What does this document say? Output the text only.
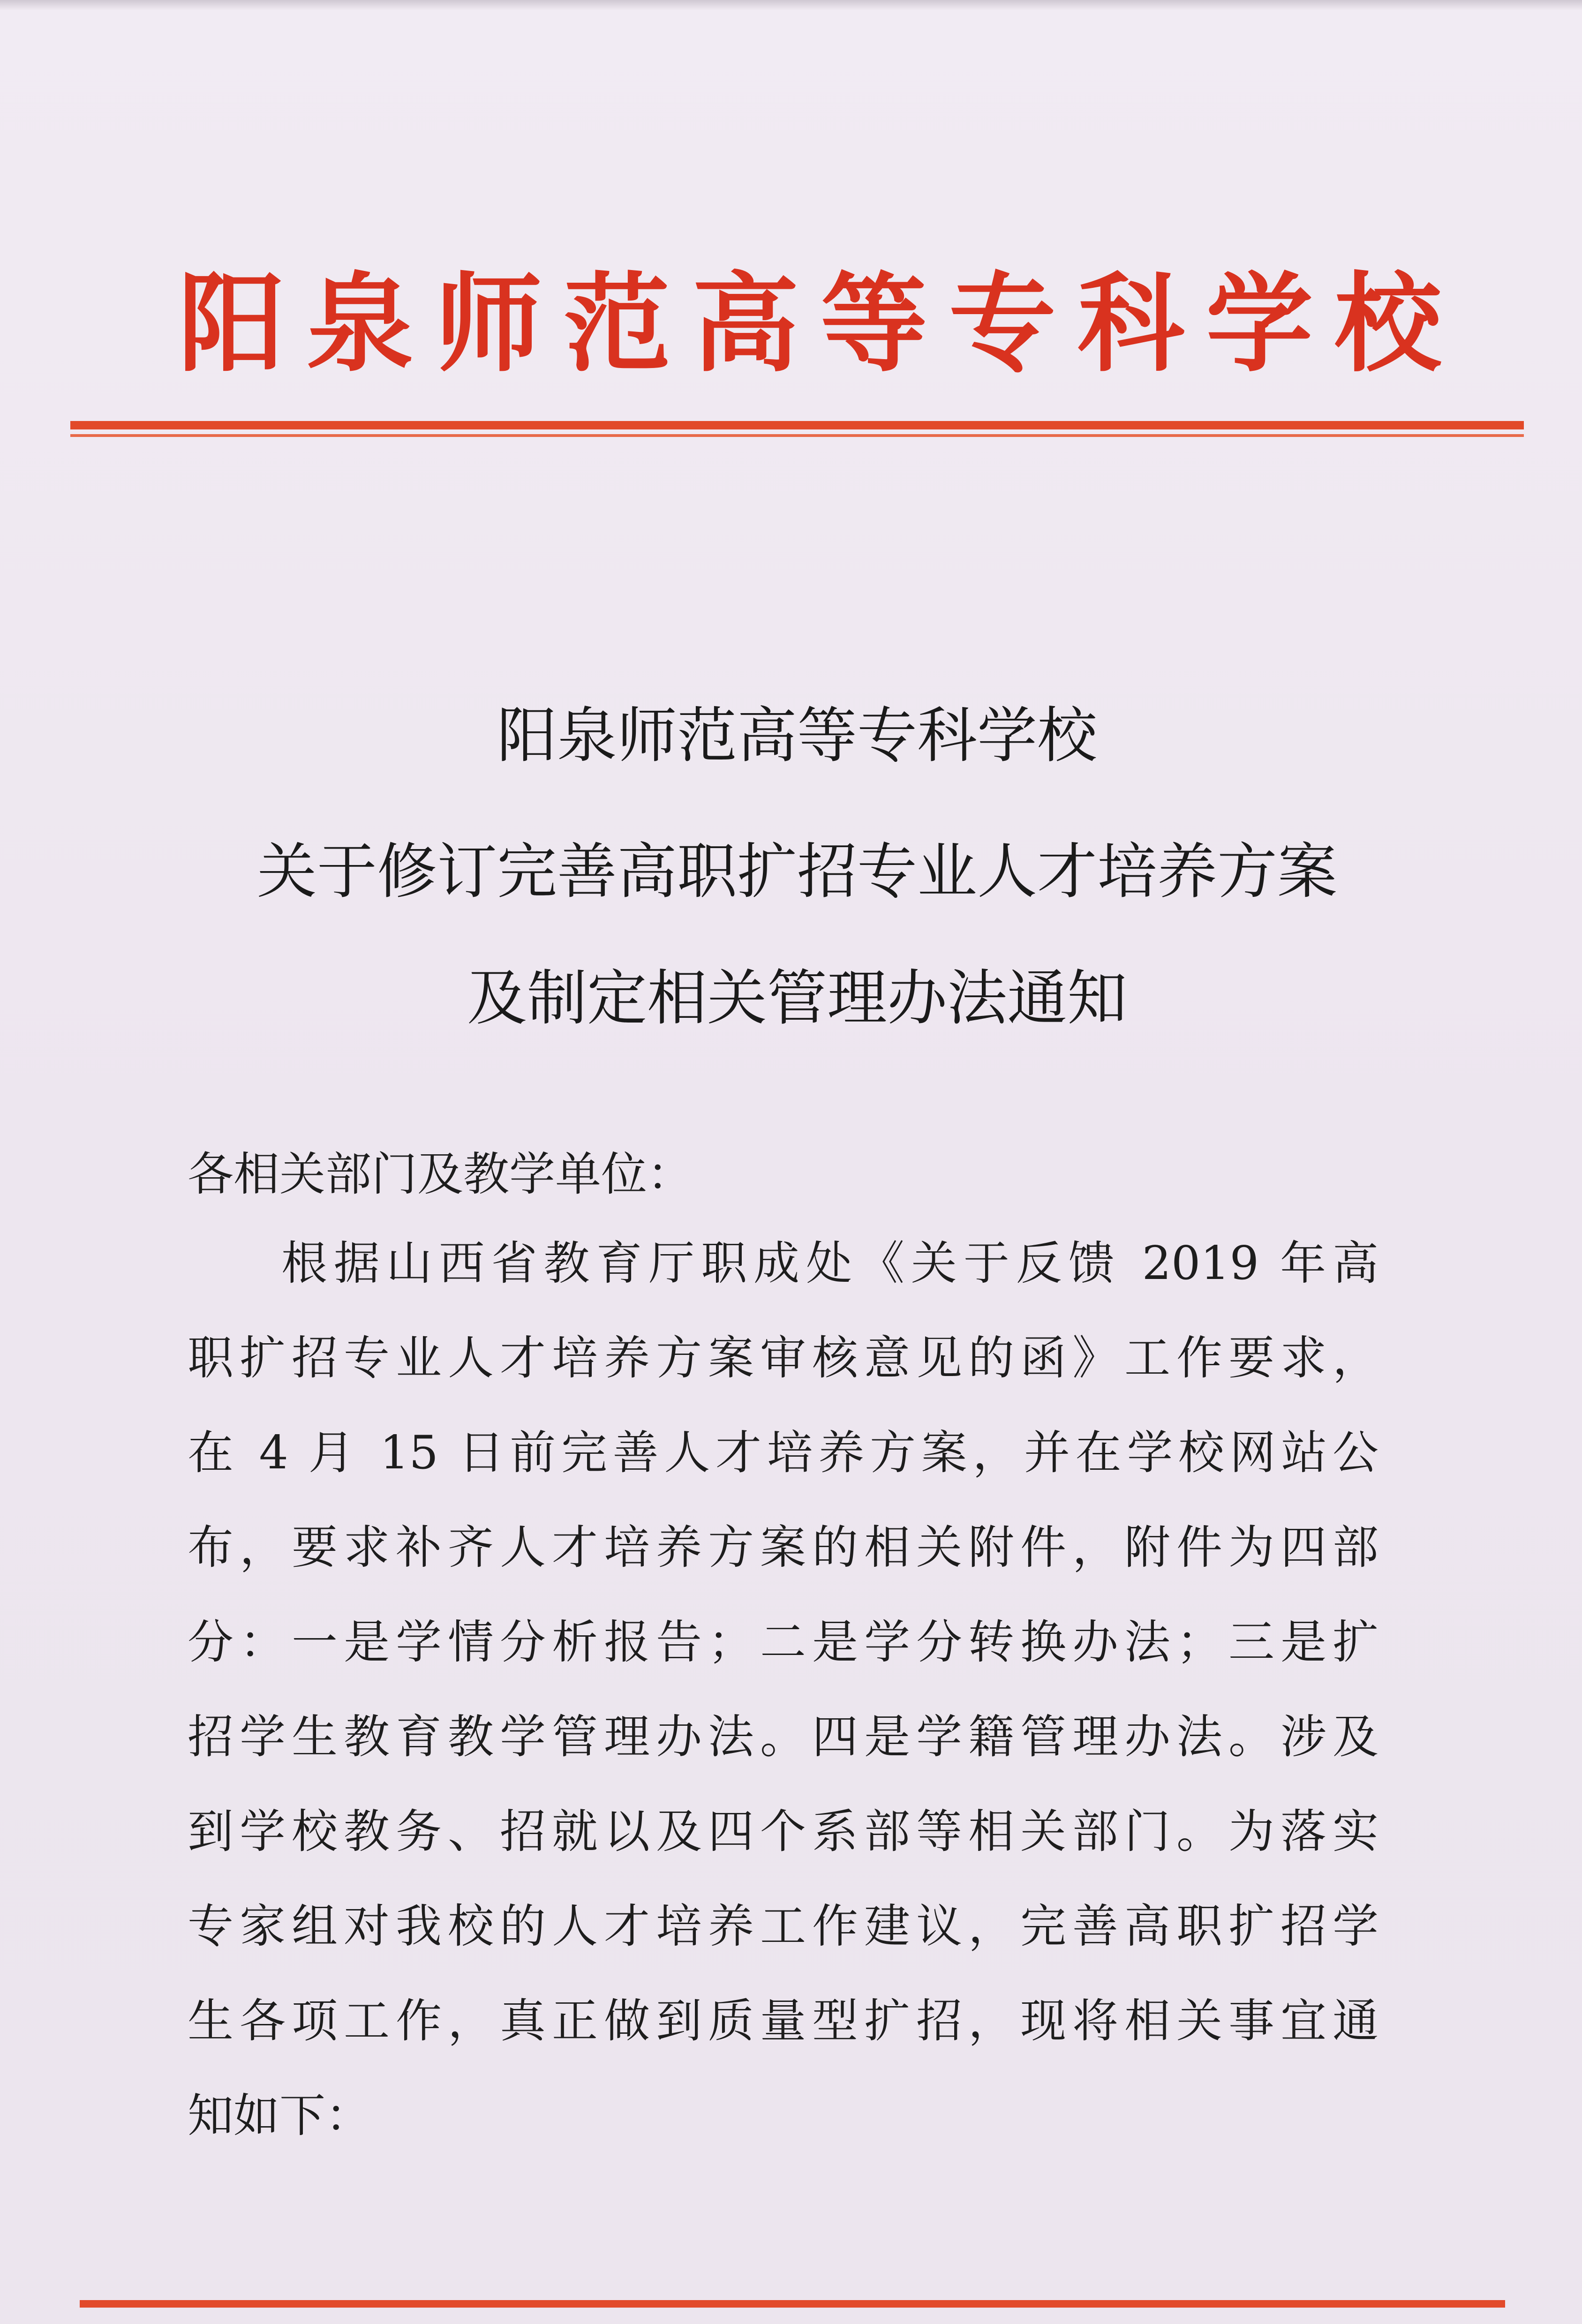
阳泉师范高等专科学校
阳泉师范高等专科学校
关于修订完善高职扩招专业人才培养方案
及制定相关管理办法通知
各相关部门及教学单位：
根据山西省教育厅职成处《关于反馈 2019 年高
职扩招专业人才培养方案审核意见的函》工作要求，
在 4 月 15 日前完善人才培养方案，并在学校网站公
布，要求补齐人才培养方案的相关附件，附件为四部
分：一是学情分析报告；二是学分转换办法；三是扩
招学生教育教学管理办法。四是学籍管理办法。涉及
到学校教务、招就以及四个系部等相关部门。为落实
专家组对我校的人才培养工作建议，完善高职扩招学
生各项工作，真正做到质量型扩招，现将相关事宜通
知如下：
